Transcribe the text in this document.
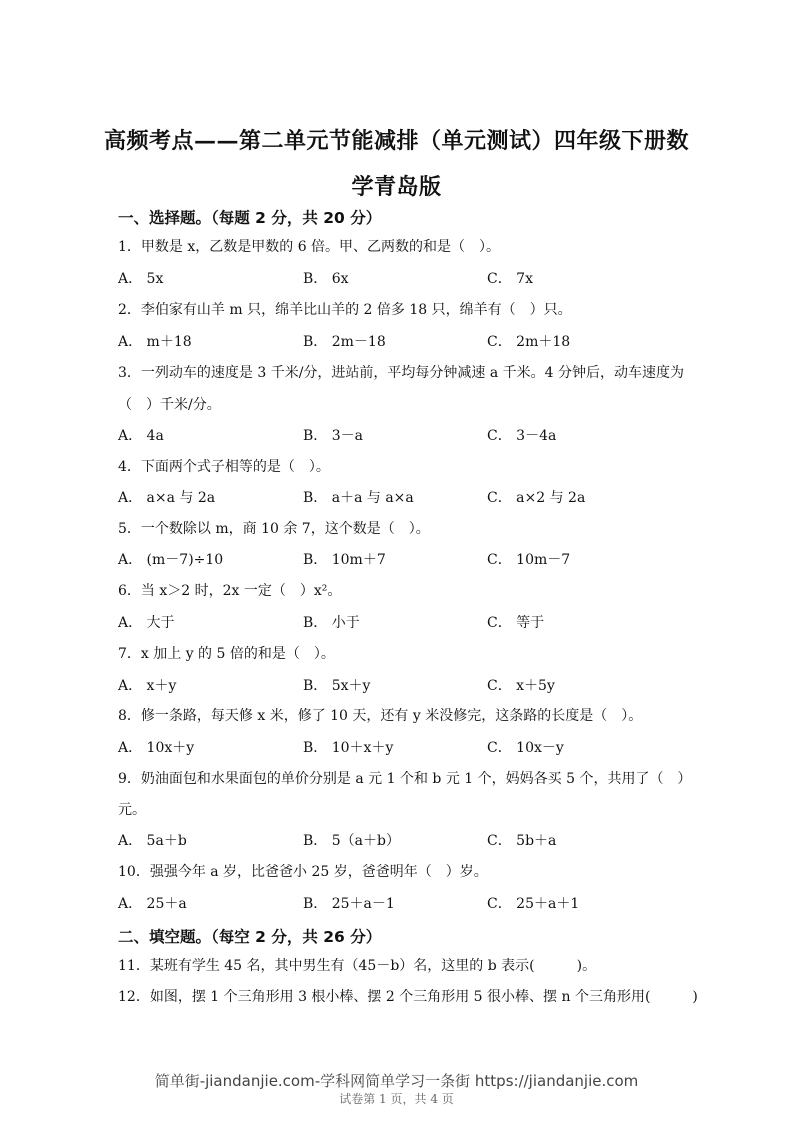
高频考点——第二单元节能减排（单元测试）四年级下册数
学青岛版
一、选择题。（每题 2 分，共 20 分）
1．甲数是 x，乙数是甲数的 6 倍。甲、乙两数的和是（　）。
A． 5x	B． 6x	C． 7x
2．李伯家有山羊 m 只，绵羊比山羊的 2 倍多 18 只，绵羊有（　）只。
A． m＋18	B． 2m－18	C． 2m＋18
3．一列动车的速度是 3 千米/分，进站前，平均每分钟减速 a 千米。4 分钟后，动车速度为
（　）千米/分。
A． 4a	B． 3－a	C． 3－4a
4．下面两个式子相等的是（　）。
A． a×a 与 2a	B． a＋a 与 a×a	C． a×2 与 2a
5．一个数除以 m，商 10 余 7，这个数是（　）。
A． (m－7)÷10	B． 10m＋7	C． 10m－7
6．当 x＞2 时，2x 一定（　）x²。
A． 大于	B． 小于	C． 等于
7．x 加上 y 的 5 倍的和是（　）。
A． x＋y	B． 5x＋y	C． x＋5y
8．修一条路，每天修 x 米，修了 10 天，还有 y 米没修完，这条路的长度是（　）。
A． 10x＋y	B． 10＋x＋y	C． 10x－y
9．奶油面包和水果面包的单价分别是 a 元 1 个和 b 元 1 个，妈妈各买 5 个，共用了（　）
元。
A． 5a＋b	B． 5（a＋b）	C． 5b＋a
10．强强今年 a 岁，比爸爸小 25 岁，爸爸明年（　）岁。
A． 25＋a	B． 25＋a－1	C． 25＋a＋1
二、填空题。（每空 2 分，共 26 分）
11．某班有学生 45 名，其中男生有（45－b）名，这里的 b 表示(　　　)。
12．如图，摆 1 个三角形用 3 根小棒、摆 2 个三角形用 5 很小棒、摆 n 个三角形用(　　　)
简单街-jiandanjie.com-学科网简单学习一条街 https://jiandanjie.com
试卷第 1 页，共 4 页
